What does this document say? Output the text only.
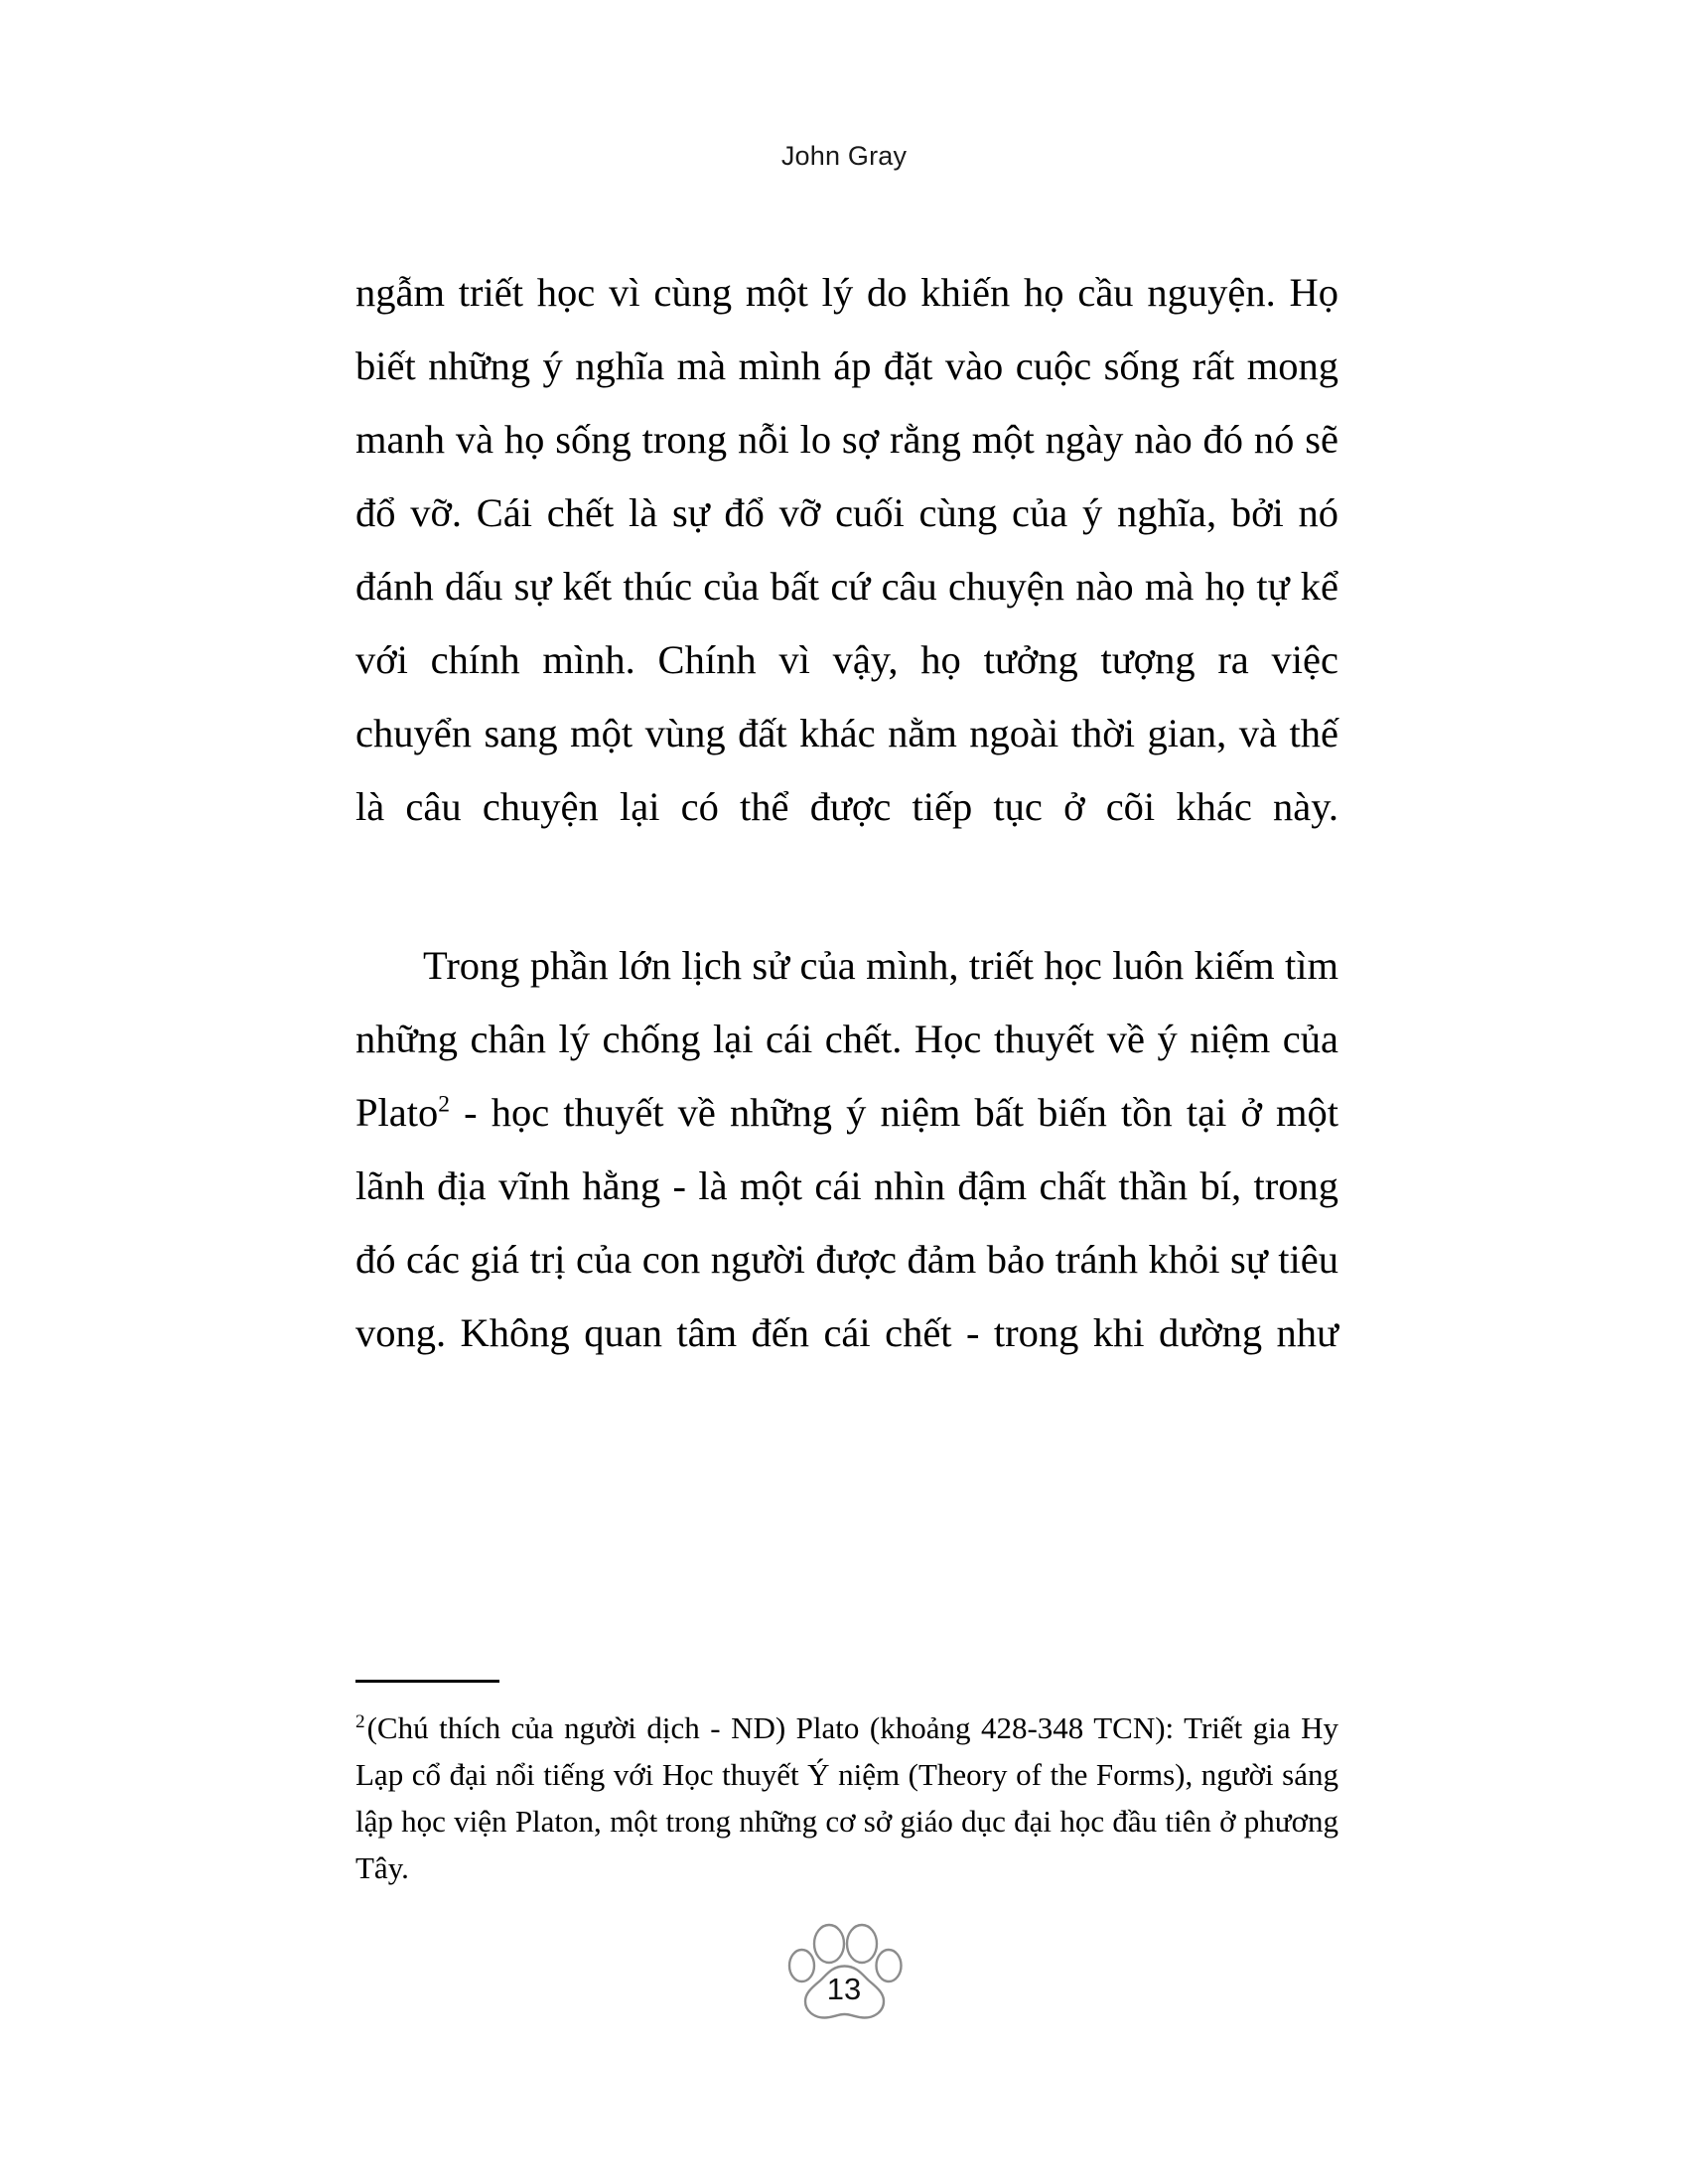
John Gray

ngẫm triết học vì cùng một lý do khiến họ cầu nguyện. Họ biết những ý nghĩa mà mình áp đặt vào cuộc sống rất mong manh và họ sống trong nỗi lo sợ rằng một ngày nào đó nó sẽ đổ vỡ. Cái chết là sự đổ vỡ cuối cùng của ý nghĩa, bởi nó đánh dấu sự kết thúc của bất cứ câu chuyện nào mà họ tự kể với chính mình. Chính vì vậy, họ tưởng tượng ra việc chuyển sang một vùng đất khác nằm ngoài thời gian, và thế là câu chuyện lại có thể được tiếp tục ở cõi khác này.

Trong phần lớn lịch sử của mình, triết học luôn kiếm tìm những chân lý chống lại cái chết. Học thuyết về ý niệm của Plato$^2$ - học thuyết về những ý niệm bất biến tồn tại ở một lãnh địa vĩnh hằng - là một cái nhìn đậm chất thần bí, trong đó các giá trị của con người được đảm bảo tránh khỏi sự tiêu vong. Không quan tâm đến cái chết - trong khi dường như

$^2$(Chú thích của người dịch - ND) Plato (khoảng 428-348 TCN): Triết gia Hy Lạp cổ đại nổi tiếng với Học thuyết Ý niệm (Theory of the Forms), người sáng lập học viện Platon, một trong những cơ sở giáo dục đại học đầu tiên ở phương Tây.

13
